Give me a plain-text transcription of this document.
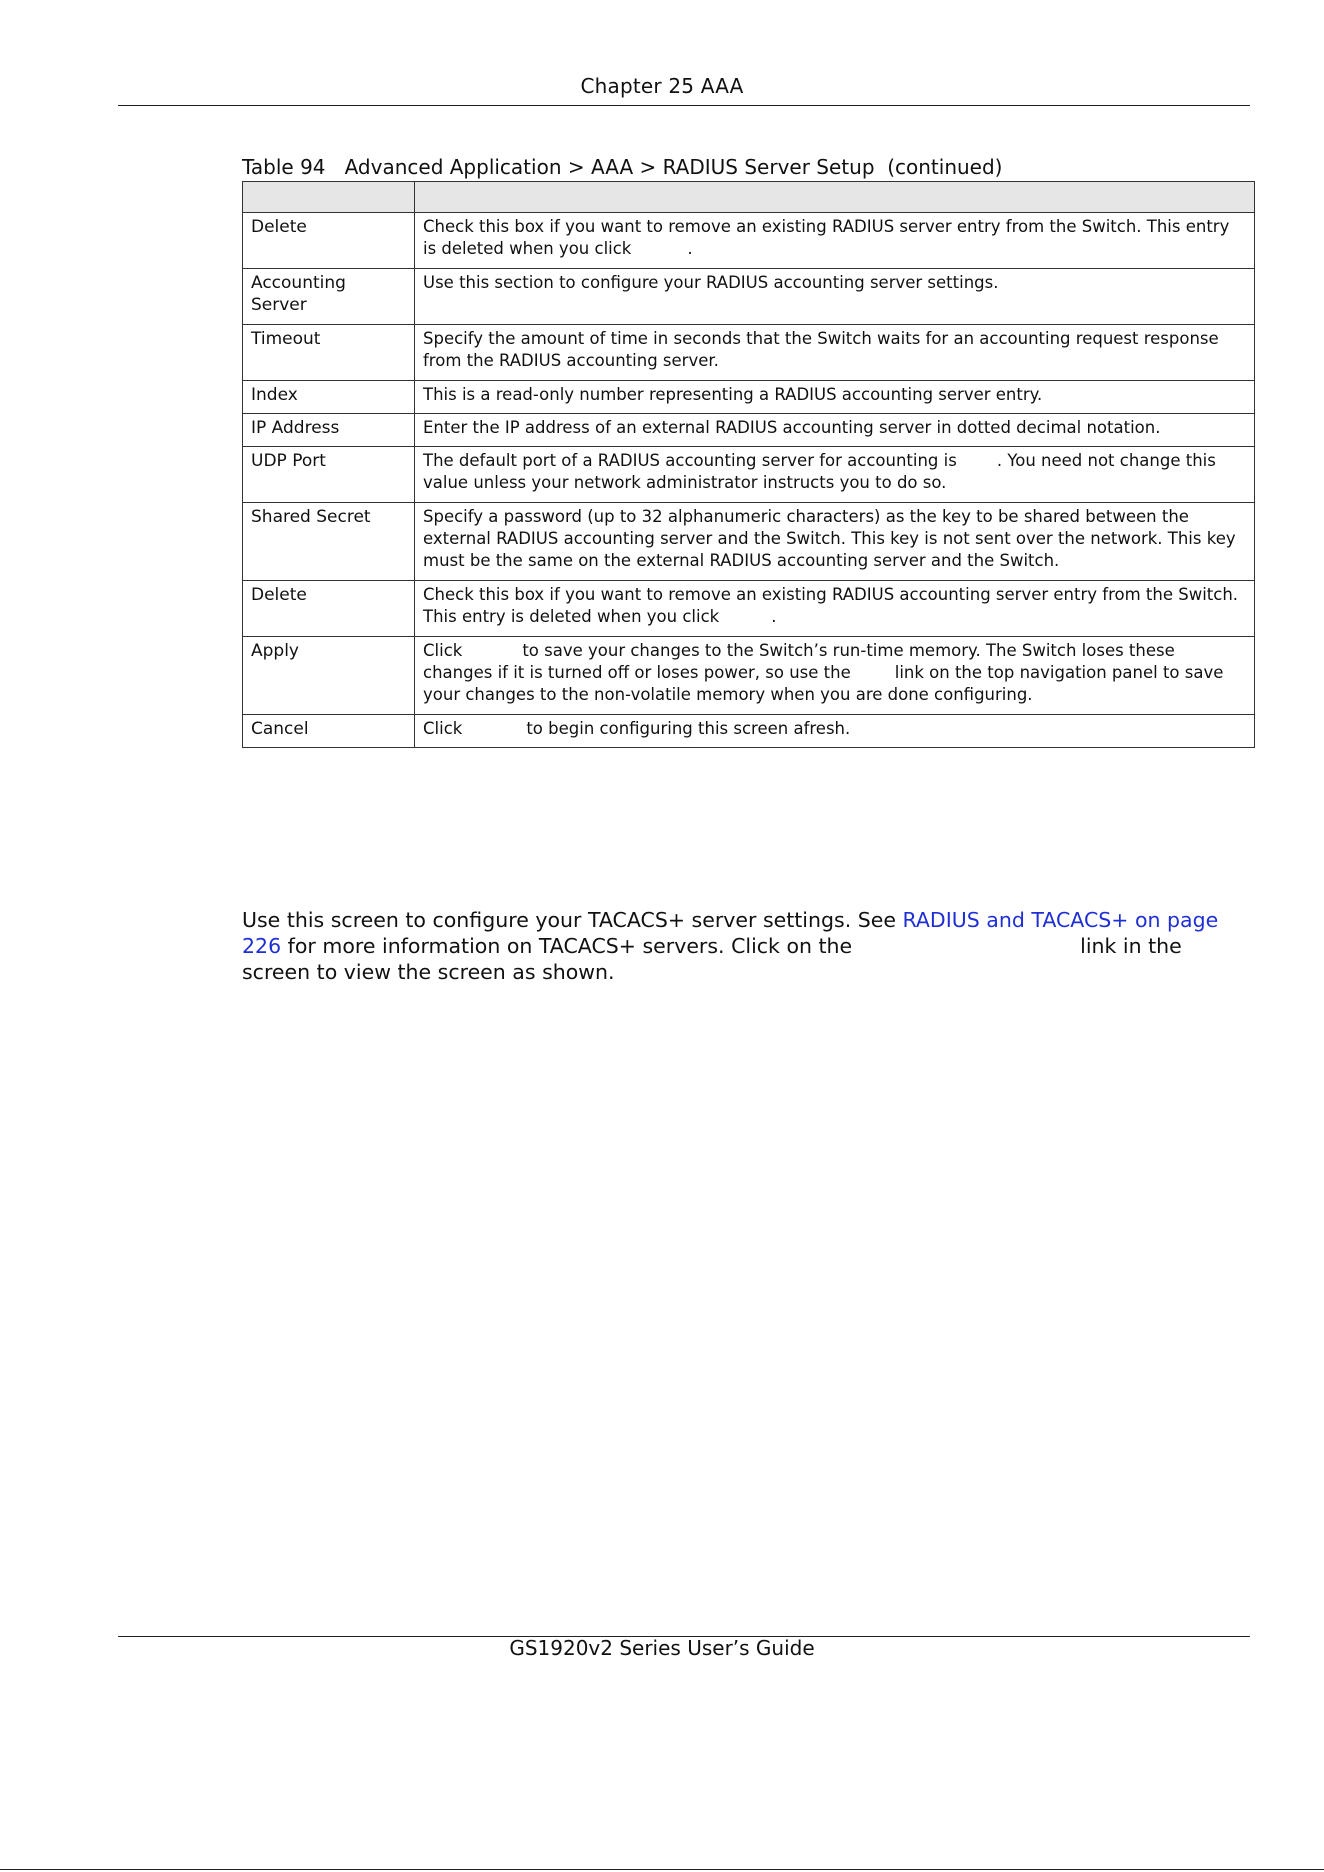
Chapter 25 AAA
Table 94   Advanced Application > AAA > RADIUS Server Setup  (continued)

Delete	Check this box if you want to remove an existing RADIUS server entry from the Switch. This entry is deleted when you click .
Accounting Server	Use this section to configure your RADIUS accounting server settings.
Timeout	Specify the amount of time in seconds that the Switch waits for an accounting request response from the RADIUS accounting server.
Index	This is a read-only number representing a RADIUS accounting server entry.
IP Address	Enter the IP address of an external RADIUS accounting server in dotted decimal notation.
UDP Port	The default port of a RADIUS accounting server for accounting is . You need not change this value unless your network administrator instructs you to do so.
Shared Secret	Specify a password (up to 32 alphanumeric characters) as the key to be shared between the external RADIUS accounting server and the Switch. This key is not sent over the network. This key must be the same on the external RADIUS accounting server and the Switch.
Delete	Check this box if you want to remove an existing RADIUS accounting server entry from the Switch. This entry is deleted when you click .
Apply	Click to save your changes to the Switch’s run-time memory. The Switch loses these changes if it is turned off or loses power, so use the link on the top navigation panel to save your changes to the non-volatile memory when you are done configuring.
Cancel	Click to begin configuring this screen afresh.
Use this screen to configure your TACACS+ server settings. See RADIUS and TACACS+ on page 226 for more information on TACACS+ servers. Click on the	link in thescreen to view the screen as shown.
GS1920v2 Series User’s Guide
